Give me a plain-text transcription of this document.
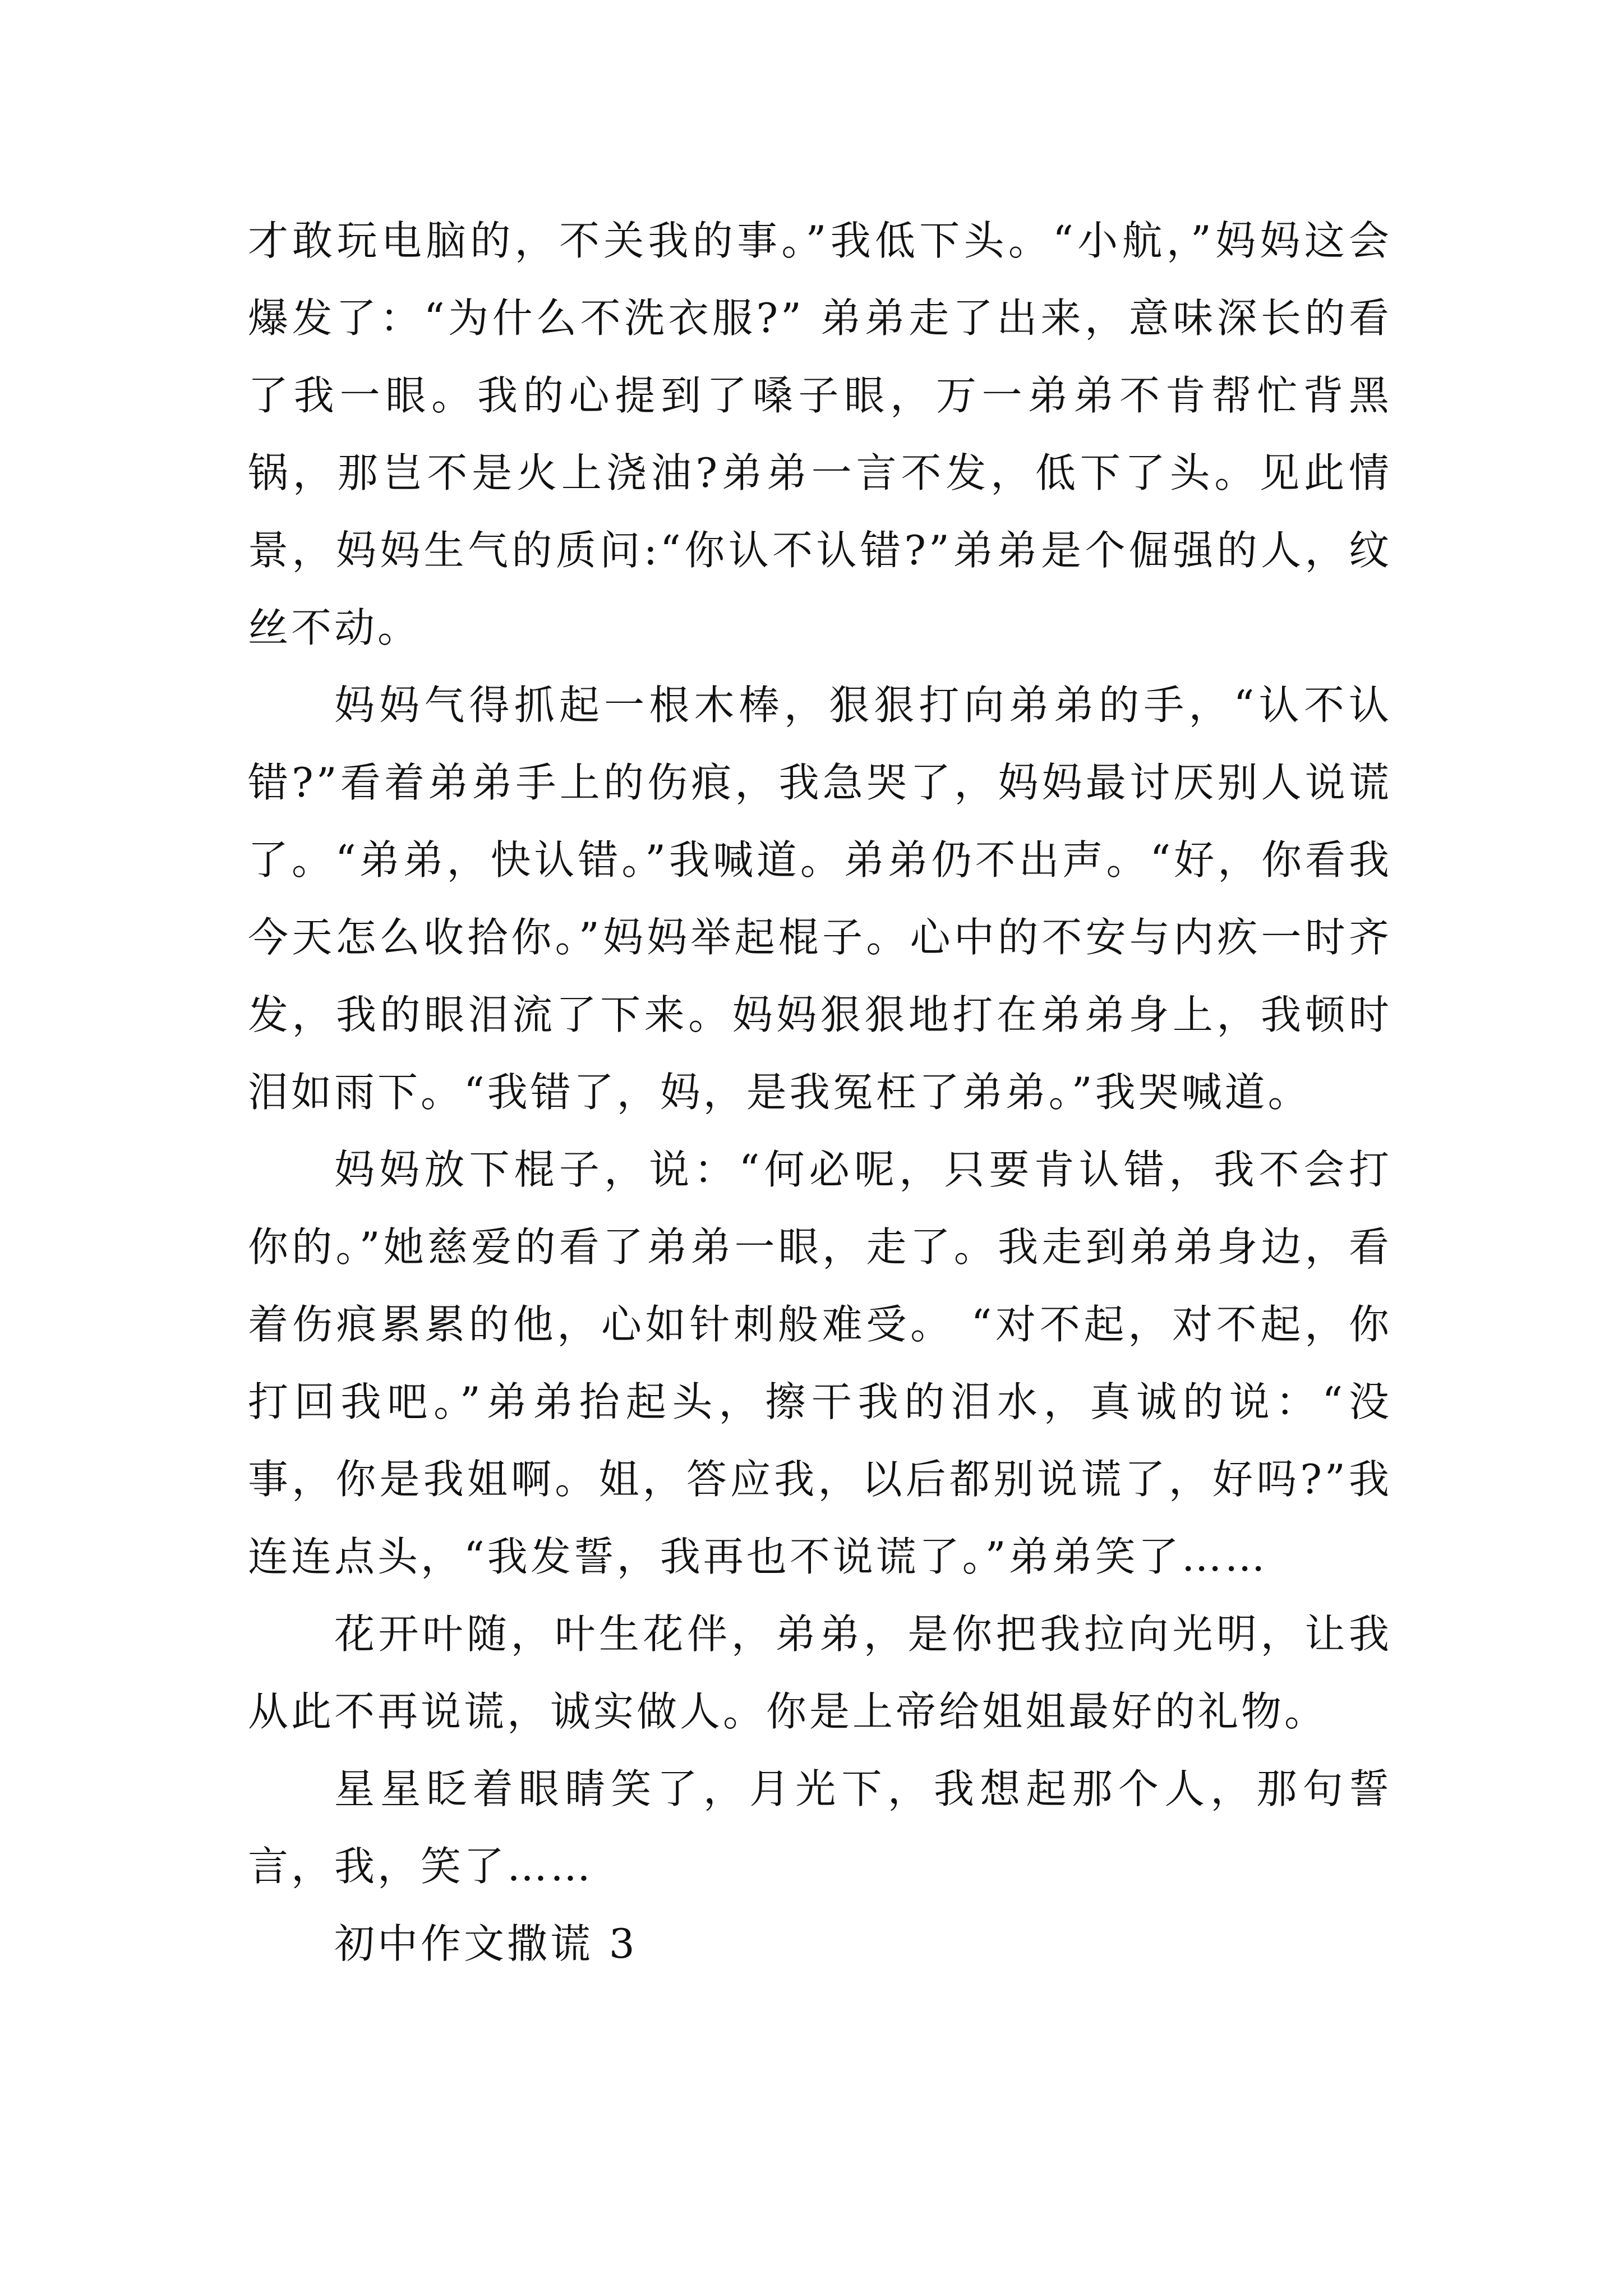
才敢玩电脑的，不关我的事。”我低下头。“小航，”妈妈这会爆发了：“为什么不洗衣服?” 弟弟走了出来，意味深长的看了我一眼。我的心提到了嗓子眼，万一弟弟不肯帮忙背黑锅，那岂不是火上浇油?弟弟一言不发，低下了头。见此情景，妈妈生气的质问:“你认不认错?”弟弟是个倔强的人，纹丝不动。

妈妈气得抓起一根木棒，狠狠打向弟弟的手，“认不认错?”看着弟弟手上的伤痕，我急哭了，妈妈最讨厌别人说谎了。“弟弟，快认错。”我喊道。弟弟仍不出声。“好，你看我今天怎么收拾你。”妈妈举起棍子。心中的不安与内疚一时齐发，我的眼泪流了下来。妈妈狠狠地打在弟弟身上，我顿时泪如雨下。“我错了，妈，是我冤枉了弟弟。”我哭喊道。

妈妈放下棍子，说：“何必呢，只要肯认错，我不会打你的。”她慈爱的看了弟弟一眼，走了。我走到弟弟身边，看着伤痕累累的他，心如针刺般难受。 “对不起，对不起，你打回我吧。”弟弟抬起头，擦干我的泪水，真诚的说：“没事，你是我姐啊。姐，答应我，以后都别说谎了，好吗?”我连连点头，“我发誓，我再也不说谎了。”弟弟笑了……

花开叶随，叶生花伴，弟弟，是你把我拉向光明，让我从此不再说谎，诚实做人。你是上帝给姐姐最好的礼物。

星星眨着眼睛笑了，月光下，我想起那个人，那句誓言，我，笑了……

初中作文撒谎 3
